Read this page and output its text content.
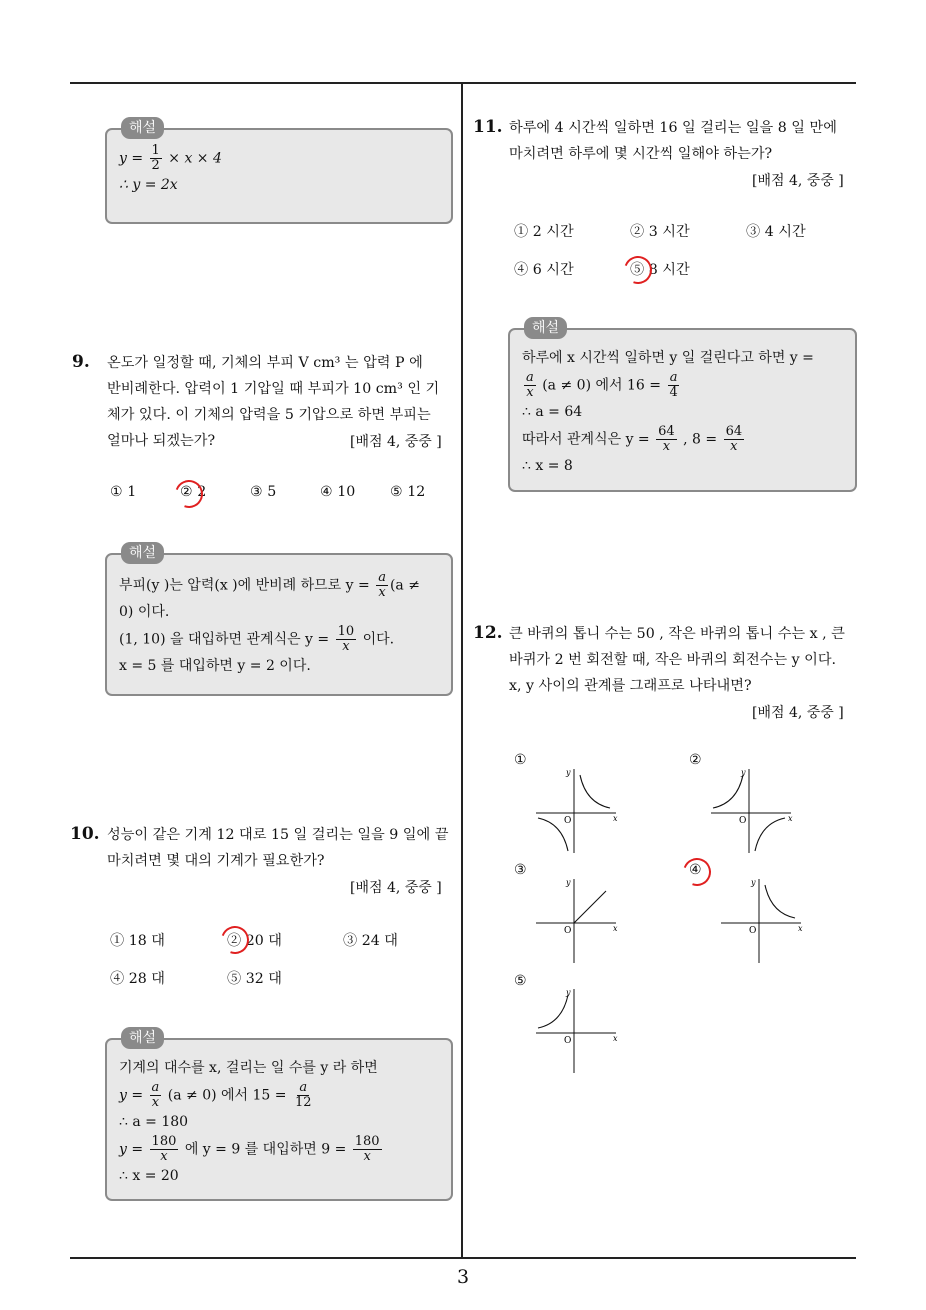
해설
$y = \frac{1}{2} \times x \times 4$
∴ y = 2x
9. 온도가 일정할 때, 기체의 부피 V cm³ 는 압력 P 에
반비례한다. 압력이 1 기압일 때 부피가 10 cm³ 인 기
체가 있다. 이 기체의 압력을 5 기압으로 하면 부피는
얼마나 되겠는가?	[배점 4, 중중 ]
① 1	② 2	③ 5	④ 10 ⑤ 12
해설
부피(y )는 압력(x )에 반비례 하므로 $y = \frac{a}{x} (a$ ≠
0) 이다.
(1, 10) 을 대입하면 관계식은 $y = \frac{10}{x}$ 이다.
x = 5 를 대입하면 y = 2 이다.
10. 성능이 같은 기계 12 대로 15 일 걸리는 일을 9 일에 끝
마치려면 몇 대의 기계가 필요한가?
[배점 4, 중중 ]
① 18 대	② 20 대	③ 24 대
④ 28 대	⑤ 32 대
해설
기계의 대수를 x, 걸리는 일 수를 y 라 하면
$y = \frac{a}{x} (a \ne 0)$ 에서 $15 = \frac{a}{12}$
∴ a = 180
$y = \frac{180}{x}$ 에 y = 9 를 대입하면 $9 = \frac{180}{x}$
∴ x = 20
11. 하루에 4 시간씩 일하면 16 일 걸리는 일을 8 일 만에
마치려면 하루에 몇 시간씩 일해야 하는가?
[배점 4, 중중 ]
① 2 시간	② 3 시간	③ 4 시간
④ 6 시간	⑤ 8 시간
해설
하루에 x 시간씩 일하면 y 일 걸린다고 하면 y =
$\frac{a}{x} (a \ne 0)$ 에서 $16 = \frac{a}{4}$
∴ a = 64
따라서 관계식은 $y = \frac{64}{x}$ , $8 = \frac{64}{x}$
∴ x = 8
12. 큰 바퀴의 톱니 수는 50 , 작은 바퀴의 톱니 수는 x , 큰
바퀴가 2 번 회전할 때, 작은 바퀴의 회전수는 y 이다.
x, y 사이의 관계를 그래프로 나타내면?
[배점 4, 중중 ]
①	②
③	④
⑤
y
x
O
y
x
O
y
x
O
y
x
O
y
x
O
3
